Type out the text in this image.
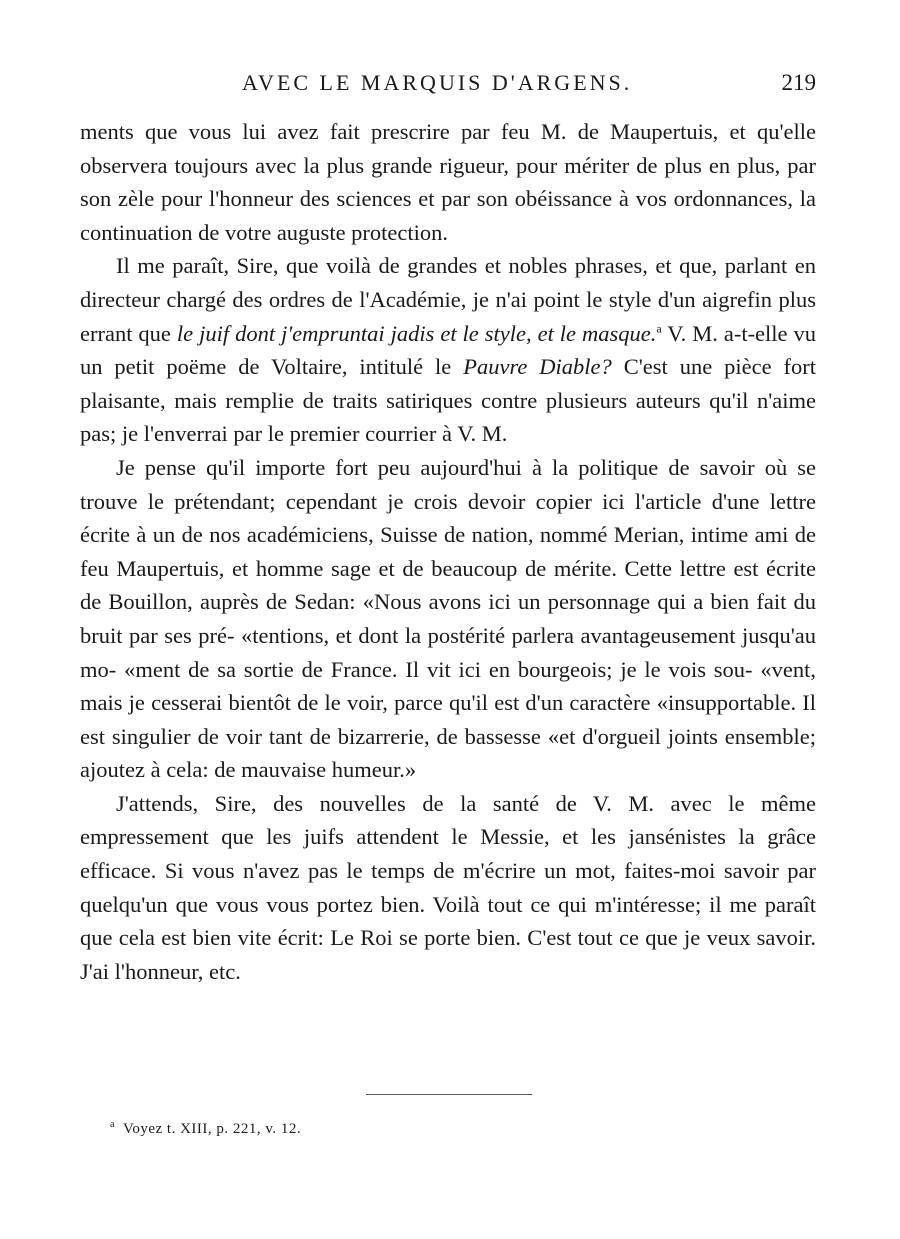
AVEC LE MARQUIS D'ARGENS.	219

ments que vous lui avez fait prescrire par feu M. de Maupertuis, et qu'elle observera toujours avec la plus grande rigueur, pour mériter de plus en plus, par son zèle pour l'honneur des sciences et par son obéissance à vos ordonnances, la continuation de votre auguste protection.

Il me paraît, Sire, que voilà de grandes et nobles phrases, et que, parlant en directeur chargé des ordres de l'Académie, je n'ai point le style d'un aigrefin plus errant que le juif dont j'empruntai jadis et le style, et le masque.$^a$ V. M. a-t-elle vu un petit poëme de Voltaire, intitulé le Pauvre Diable? C'est une pièce fort plaisante, mais remplie de traits satiriques contre plusieurs auteurs qu'il n'aime pas; je l'enverrai par le premier courrier à V. M.

Je pense qu'il importe fort peu aujourd'hui à la politique de savoir où se trouve le prétendant; cependant je crois devoir copier ici l'article d'une lettre écrite à un de nos académiciens, Suisse de nation, nommé Merian, intime ami de feu Maupertuis, et homme sage et de beaucoup de mérite. Cette lettre est écrite de Bouillon, auprès de Sedan: «Nous avons ici un personnage qui a bien fait du bruit par ses pré- «tentions, et dont la postérité parlera avantageusement jusqu'au mo- «ment de sa sortie de France. Il vit ici en bourgeois; je le vois sou- «vent, mais je cesserai bientôt de le voir, parce qu'il est d'un caractère «insupportable. Il est singulier de voir tant de bizarrerie, de bassesse «et d'orgueil joints ensemble; ajoutez à cela: de mauvaise humeur.»

J'attends, Sire, des nouvelles de la santé de V. M. avec le même empressement que les juifs attendent le Messie, et les jansénistes la grâce efficace. Si vous n'avez pas le temps de m'écrire un mot, faites-moi savoir par quelqu'un que vous vous portez bien. Voilà tout ce qui m'intéresse; il me paraît que cela est bien vite écrit: Le Roi se porte bien. C'est tout ce que je veux savoir. J'ai l'honneur, etc.

$^a$ Voyez t. XIII, p. 221, v. 12.
